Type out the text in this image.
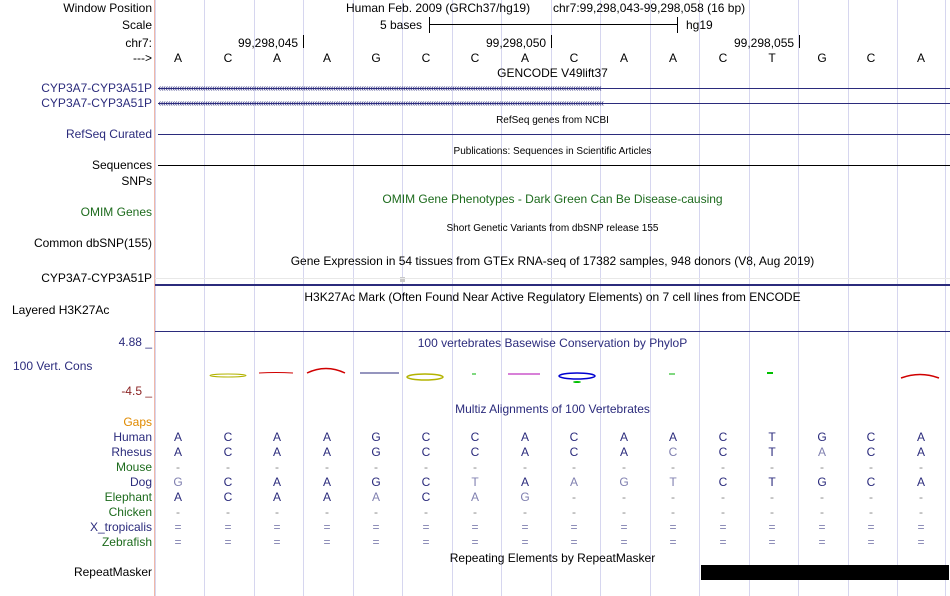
Window Position
Scale
chr7:
--->
CYP3A7-CYP3A51P
CYP3A7-CYP3A51P
RefSeq Curated
Sequences
SNPs
OMIM Genes
Common dbSNP(155)
CYP3A7-CYP3A51P
Layered H3K27Ac
4.88 _
100 Vert. Cons
-4.5 _
Gaps
Human
Rhesus
Mouse
Dog
Elephant
Chicken
X_tropicalis
Zebrafish
RepeatMasker
Human Feb. 2009 (GRCh37/hg19) chr7:99,298,043-99,298,058 (16 bp)
5 bases	hg19
99,298,045	99,298,050	99,298,055
A	C	A	A	G	C	C	A	C	A	A	C	T	G	C	A
GENCODE V49lift37
RefSeq genes from NCBI
Publications: Sequences in Scientific Articles
OMIM Gene Phenotypes - Dark Green Can Be Disease-causing
Short Genetic Variants from dbSNP release 155
Gene Expression in 54 tissues from GTEx RNA-seq of 17382 samples, 948 donors (V8, Aug 2019)
H3K27Ac Mark (Often Found Near Active Regulatory Elements) on 7 cell lines from ENCODE
100 vertebrates Basewise Conservation by PhyloP
Multiz Alignments of 100 Vertebrates
A	C	A	A	G	C	C	A	C	A	A	C	T	G	C	A
A	C	A	A	G	C	C	A	C	A	C	C	T	A	C	A
-	-	-	-	-	-	-	-	-	-	-	-	-	-	-	-
G	C	A	A	G	C	T	A	A	G	T	C	T	G	C	A
A	C	A	A	A	C	A	G	-	-	-	-	-	-	-	-
-	-	-	-	-	-	-	-	-	-	-	-	-	-	-	-
=	=	=	=	=	=	=	=	=	=	=	=	=	=	=	=
=	=	=	=	=	=	=	=	=	=	=	=	=	=	=	=
Repeating Elements by RepeatMasker
